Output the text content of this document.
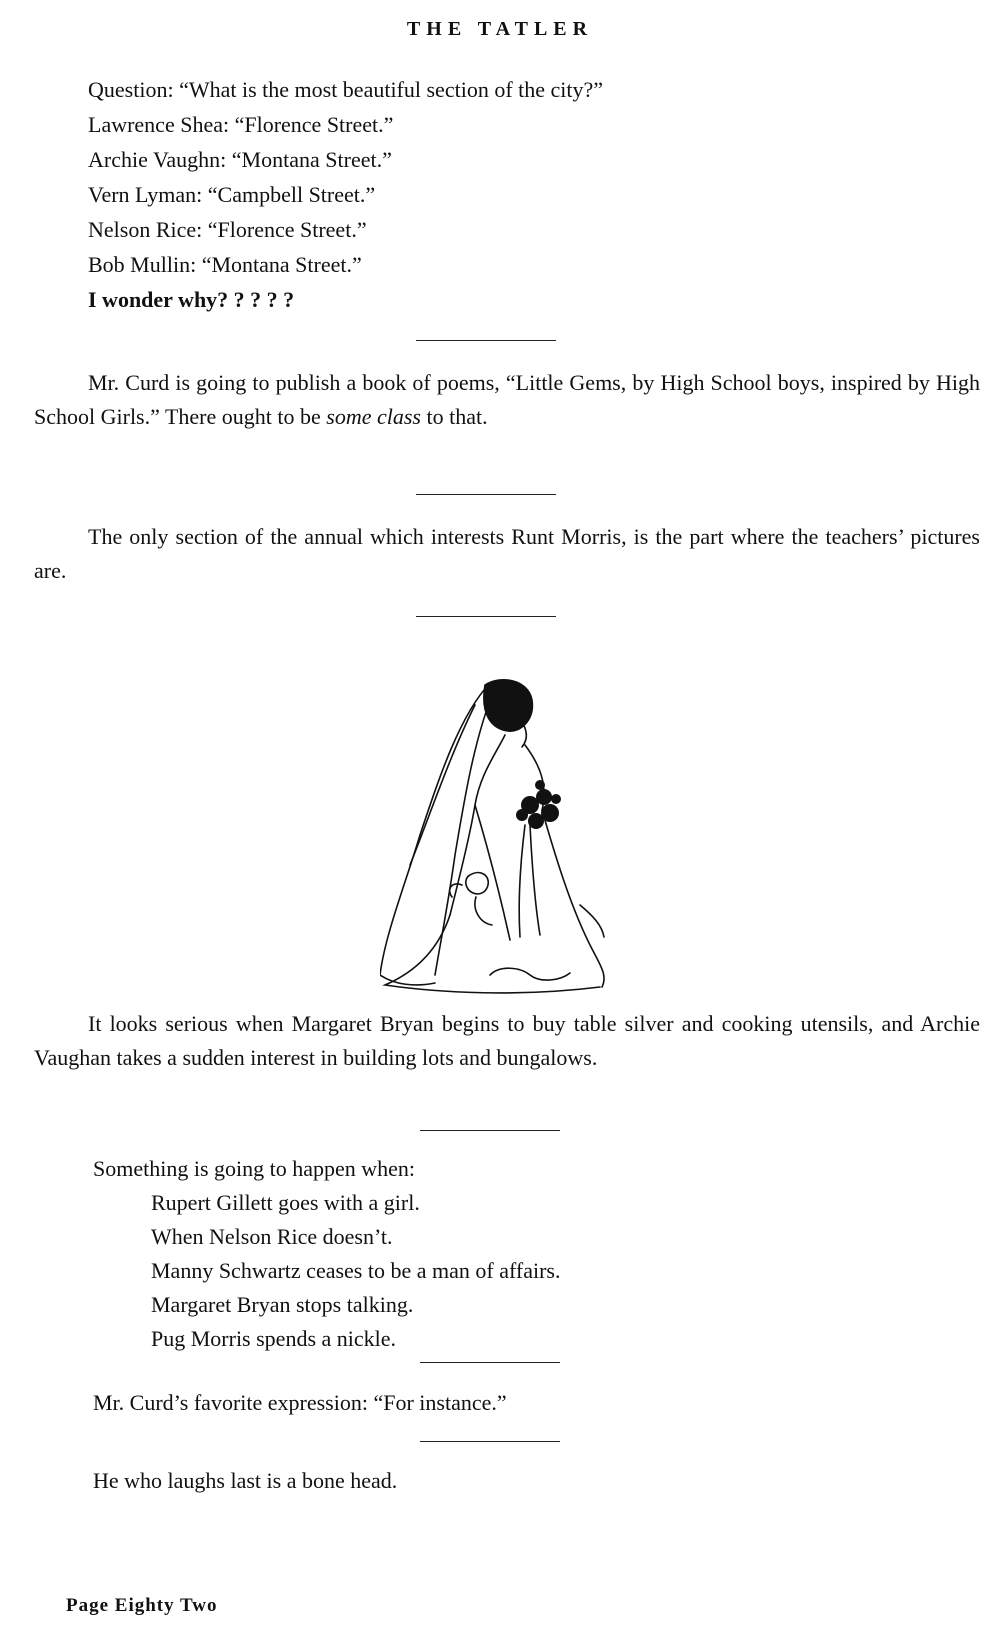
THE TATLER
Question: “What is the most beautiful section of the city?”
Lawrence Shea: “Florence Street.”
Archie Vaughn: “Montana Street.”
Vern Lyman: “Campbell Street.”
Nelson Rice: “Florence Street.”
Bob Mullin: “Montana Street.”
I wonder why? ? ? ? ?
Mr. Curd is going to publish a book of poems, “Little Gems, by High School boys, inspired by High School Girls.” There ought to be some class to that.
The only section of the annual which interests Runt Morris, is the part where the teachers’ pictures are.
It looks serious when Margaret Bryan begins to buy table silver and cooking utensils, and Archie Vaughan takes a sudden interest in building lots and bungalows.
Something is going to happen when:
Rupert Gillett goes with a girl.
When Nelson Rice doesn’t.
Manny Schwartz ceases to be a man of affairs.
Margaret Bryan stops talking.
Pug Morris spends a nickle.
Mr. Curd’s favorite expression: “For instance.”
He who laughs last is a bone head.
Page Eighty Two
